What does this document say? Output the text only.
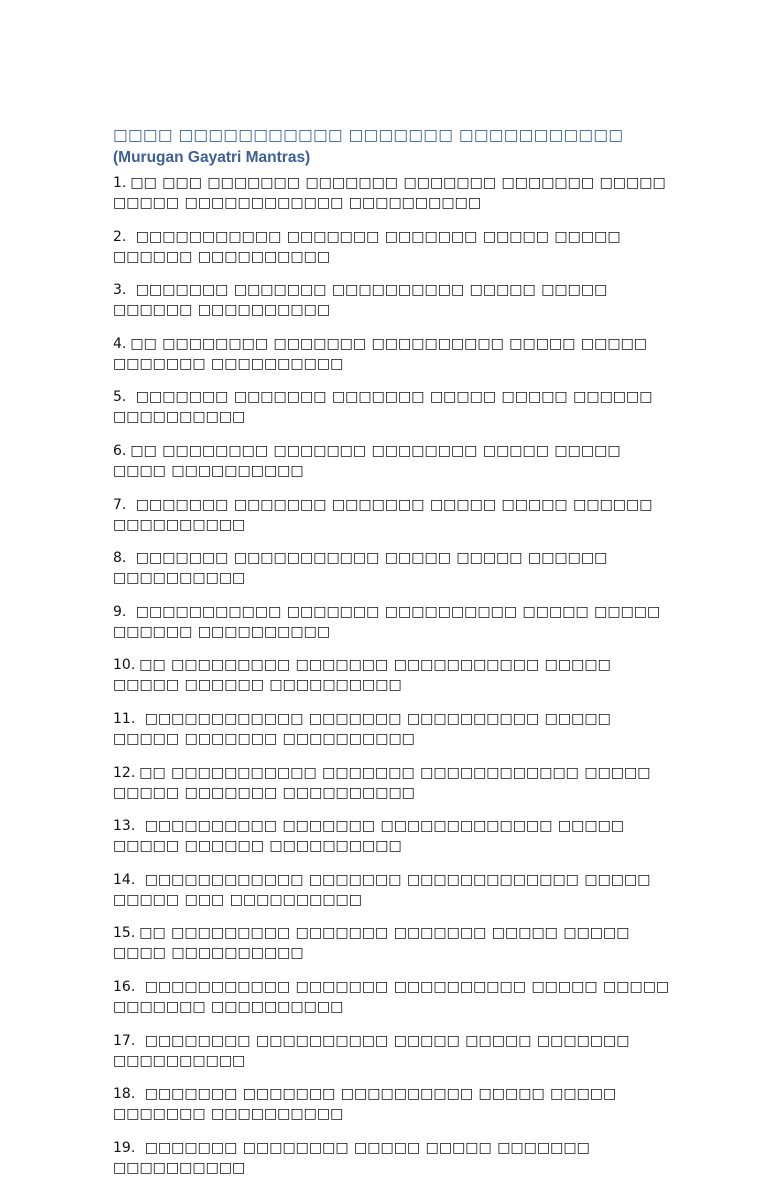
□□□□ □□□□□□□□□□□ □□□□□□□ □□□□□□□□□□□ (Murugan Gayatri Mantras)
1. □□ □□□ □□□□□□□ □□□□□□□ □□□□□□□ □□□□□□□ □□□□□ □□□□□ □□□□□□□□□□□□ □□□□□□□□□□
2. □□□□□□□□□□□ □□□□□□□ □□□□□□□ □□□□□ □□□□□ □□□□□□ □□□□□□□□□□
3. □□□□□□□ □□□□□□□ □□□□□□□□□□ □□□□□ □□□□□ □□□□□□ □□□□□□□□□□
4. □□ □□□□□□□□ □□□□□□□ □□□□□□□□□□ □□□□□ □□□□□ □□□□□□□ □□□□□□□□□□
5. □□□□□□□ □□□□□□□ □□□□□□□ □□□□□ □□□□□ □□□□□□ □□□□□□□□□□
6. □□ □□□□□□□□ □□□□□□□ □□□□□□□□ □□□□□ □□□□□ □□□□ □□□□□□□□□□
7. □□□□□□□ □□□□□□□ □□□□□□□ □□□□□ □□□□□ □□□□□□ □□□□□□□□□□
8. □□□□□□□ □□□□□□□□□□□ □□□□□ □□□□□ □□□□□□ □□□□□□□□□□
9. □□□□□□□□□□□ □□□□□□□ □□□□□□□□□□ □□□□□ □□□□□ □□□□□□ □□□□□□□□□□
10. □□ □□□□□□□□□ □□□□□□□ □□□□□□□□□□□ □□□□□ □□□□□ □□□□□□ □□□□□□□□□□
11. □□□□□□□□□□□□ □□□□□□□ □□□□□□□□□□ □□□□□ □□□□□ □□□□□□□ □□□□□□□□□□
12. □□ □□□□□□□□□□□ □□□□□□□ □□□□□□□□□□□□ □□□□□ □□□□□ □□□□□□□ □□□□□□□□□□
13. □□□□□□□□□□ □□□□□□□ □□□□□□□□□□□□□ □□□□□ □□□□□ □□□□□□ □□□□□□□□□□
14. □□□□□□□□□□□□ □□□□□□□ □□□□□□□□□□□□□ □□□□□ □□□□□ □□□ □□□□□□□□□□
15. □□ □□□□□□□□□ □□□□□□□ □□□□□□□ □□□□□ □□□□□ □□□□ □□□□□□□□□□
16. □□□□□□□□□□□ □□□□□□□ □□□□□□□□□□ □□□□□ □□□□□ □□□□□□□ □□□□□□□□□□
17. □□□□□□□□ □□□□□□□□□□ □□□□□ □□□□□ □□□□□□□ □□□□□□□□□□
18. □□□□□□□ □□□□□□□ □□□□□□□□□□ □□□□□ □□□□□ □□□□□□□ □□□□□□□□□□
19. □□□□□□□ □□□□□□□□ □□□□□ □□□□□ □□□□□□□ □□□□□□□□□□
